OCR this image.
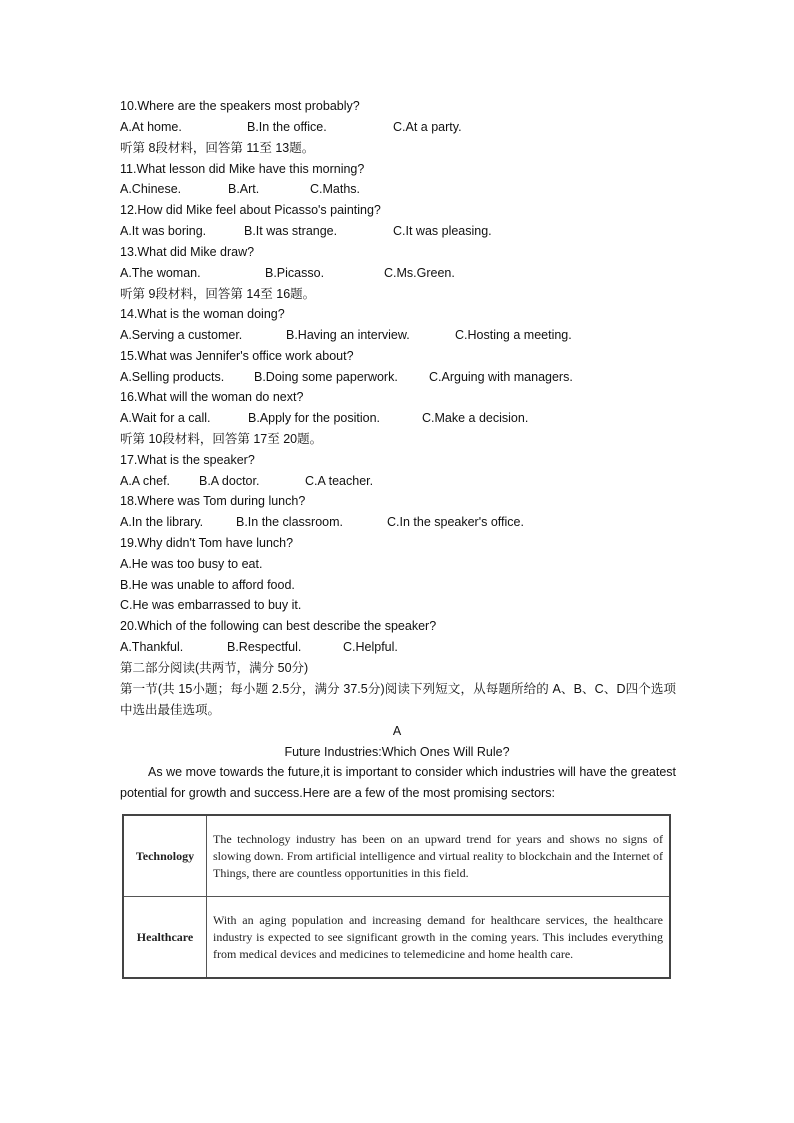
10.Where are the speakers most probably?
A.At home.	B.In the office.	C.At a party.
听第 8段材料，回答第 11至 13题。
11.What lesson did Mike have this morning?
A.Chinese.	B.Art.	C.Maths.
12.How did Mike feel about Picasso's painting?
A.It was boring.	B.It was strange.	C.It was pleasing.
13.What did Mike draw?
A.The woman.	B.Picasso.	C.Ms.Green.
听第 9段材料，回答第 14至 16题。
14.What is the woman doing?
A.Serving a customer.	B.Having an interview.	C.Hosting a meeting.
15.What was Jennifer's office work about?
A.Selling products. B.Doing some paperwork. C.Arguing with managers.
16.What will the woman do next?
A.Wait for a call.	B.Apply for the position.	C.Make a decision.
听第 10段材料，回答第 17至 20题。
17.What is the speaker?
A.A chef. B.A doctor.	C.A teacher.
18.Where was Tom during lunch?
A.In the library.	B.In the classroom.	C.In the speaker's office.
19.Why didn't Tom have lunch?
A.He was too busy to eat.
B.He was unable to afford food.
C.He was embarrassed to buy it.
20.Which of the following can best describe the speaker?
A.Thankful.	B.Respectful.	C.Helpful.
第二部分阅读(共两节，满分 50分)
第一节(共 15小题；每小题 2.5分，满分 37.5分)阅读下列短文，从每题所给的 A、B、C、D四个选项中选出最佳选项。
A
Future Industries:Which Ones Will Rule?
As we move towards the future,it is important to consider which industries will have the greatest potential for growth and success.Here are a few of the most promising sectors:
Technology	The technology industry has been on an upward trend for years and shows no signs of slowing down. From artificial intelligence and virtual reality to blockchain and the Internet of Things, there are countless opportunities in this field.
Healthcare	With an aging population and increasing demand for healthcare services, the healthcare industry is expected to see significant growth in the coming years. This includes everything from medical devices and medicines to telemedicine and home health care.
